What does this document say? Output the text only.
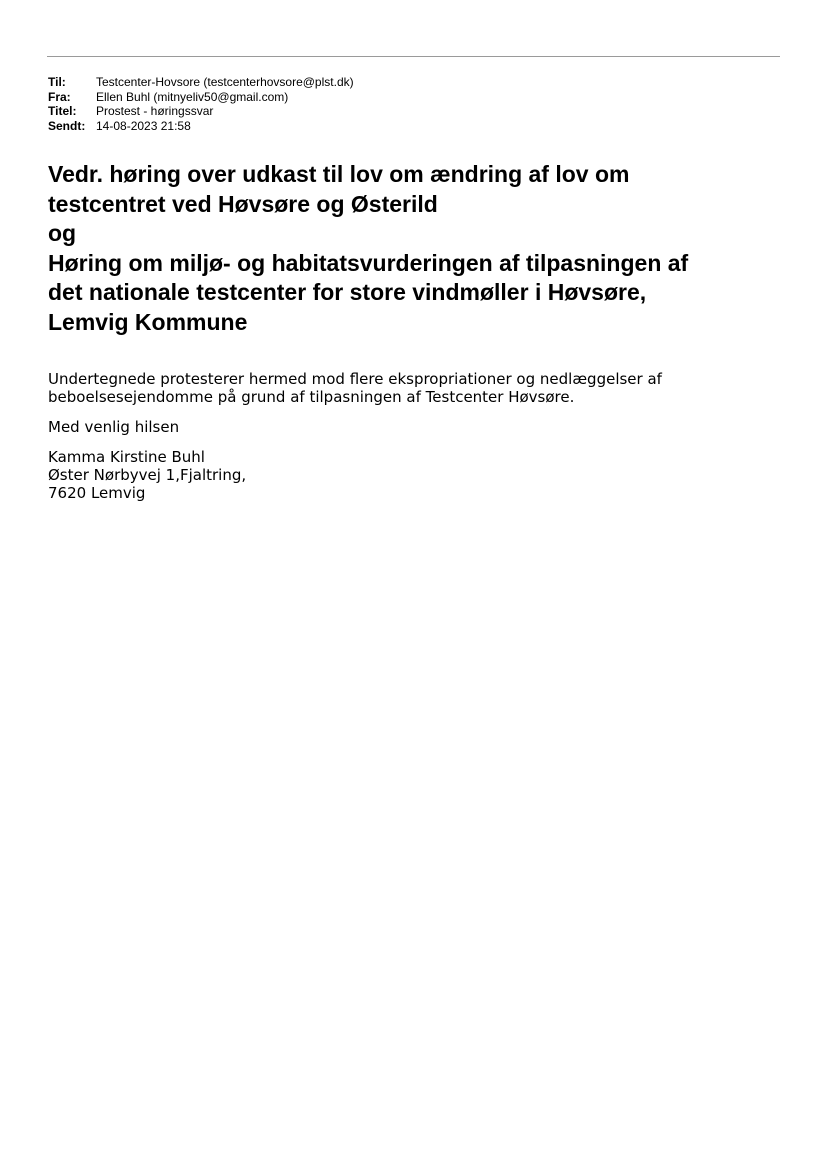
Til:	Testcenter-Hovsore (testcenterhovsore@plst.dk)
Fra:	Ellen Buhl (mitnyeliv50@gmail.com)
Titel:	Prostest - høringssvar
Sendt: 14-08-2023 21:58
Vedr. høring over udkast til lov om ændring af lov om
testcentret ved Høvsøre og Østerild
og
Høring om miljø- og habitatsvurderingen af tilpasningen af
det nationale testcenter for store vindmøller i Høvsøre,
Lemvig Kommune

Undertegnede protesterer hermed mod flere ekspropriationer og nedlæggelser af
beboelsesejendomme på grund af tilpasningen af Testcenter Høvsøre.

Med venlig hilsen

Kamma Kirstine Buhl
Øster Nørbyvej 1,Fjaltring,
7620 Lemvig
